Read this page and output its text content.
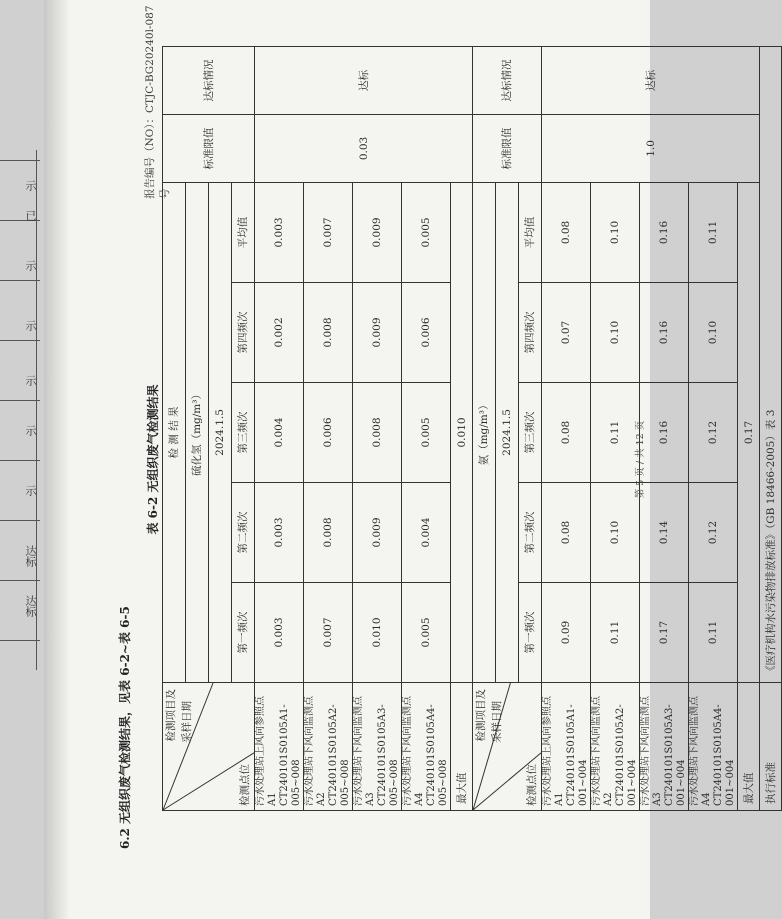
示
已
示
示
示
示
示
达标
达标
报告编号（NO）：CTJC-BG20240l-087 号
6.2 无组织废气检测结果，见表 6-2~表 6-5
表 6-2 无组织废气检测结果
检测项目及 采样日期
检测点位	检 测 结 果					标准限值	达标情况
	硫化氢（mg/m³）						
	2024.1.5						
	第一频次	第二频次	第三频次	第四频次	平均值		
污水处理站上风向参照点 A1
CT240101S0105A1-005~008	0.003	0.003	0.004	0.002	0.003	0.03	达标
污水处理站下风向监测点A2
CT240101S0105A2-005~008	0.007	0.008	0.006	0.008	0.007		
污水处理站下风向监测点A3
CT240101S0105A3-005~008	0.010	0.009	0.008	0.009	0.009		
污水处理站下风向监测点A4
CT240101S0105A4-005~008	0.005	0.004	0.005	0.006	0.005		
最大值	0.010						

检测项目及 采样日期
检测点位	氨（mg/m³）					标准限值	达标情况
	2024.1.5						
	第一频次	第二频次	第三频次	第四频次	平均值		
污水处理站上风向参照点A1
CT240101S0105A1-001~004	0.09	0.08	0.08	0.07	0.08	1.0	达标
污水处理站下风向监测点A2
CT240101S0105A2-001~004	0.11	0.10	0.11	0.10	0.10		
污水处理站下风向监测点A3
CT240101S0105A3-001~004	0.17	0.14	0.16	0.16	0.16		
污水处理站下风向监测点A4
CT240101S0105A4-001~004	0.11	0.12	0.12	0.10	0.11		
最大值	0.17						
执行标准	《医疗机构水污染物排放标准》（GB 18466-2005）表 3						
第 5 页 / 共 12 页
